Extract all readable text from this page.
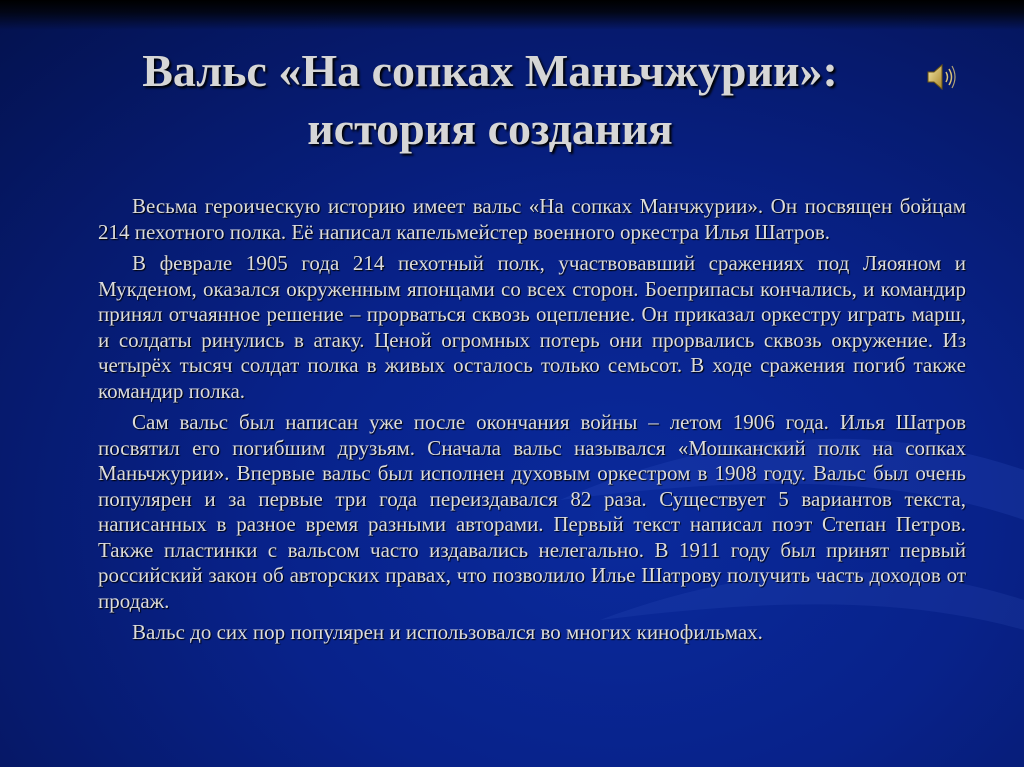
Вальс «На сопках Маньчжурии»:
история создания

Весьма героическую историю имеет вальс «На сопках Манчжурии». Он посвящен бойцам 214 пехотного полка. Её написал капельмейстер военного оркестра Илья Шатров.

В феврале 1905 года 214 пехотный полк, участвовавший сражениях под Ляояном и Мукденом, оказался окруженным японцами со всех сторон. Боеприпасы кончались, и командир принял отчаянное решение – прорваться сквозь оцепление. Он приказал оркестру играть марш, и солдаты ринулись в атаку. Ценой огромных потерь они прорвались сквозь окружение. Из четырёх тысяч солдат полка в живых осталось только семьсот. В ходе сражения погиб также командир полка.

Сам вальс был написан уже после окончания войны – летом 1906 года. Илья Шатров посвятил его погибшим друзьям. Сначала вальс назывался «Мошканский полк на сопках Маньчжурии». Впервые вальс был исполнен духовым оркестром в 1908 году. Вальс был очень популярен и за первые три года переиздавался 82 раза. Существует 5 вариантов текста, написанных в разное время разными авторами. Первый текст написал поэт Степан Петров. Также пластинки с вальсом часто издавались нелегально. В 1911 году был принят первый российский закон об авторских правах, что позволило Илье Шатрову получить часть доходов от продаж.

Вальс до сих пор популярен и использовался во многих кинофильмах.
